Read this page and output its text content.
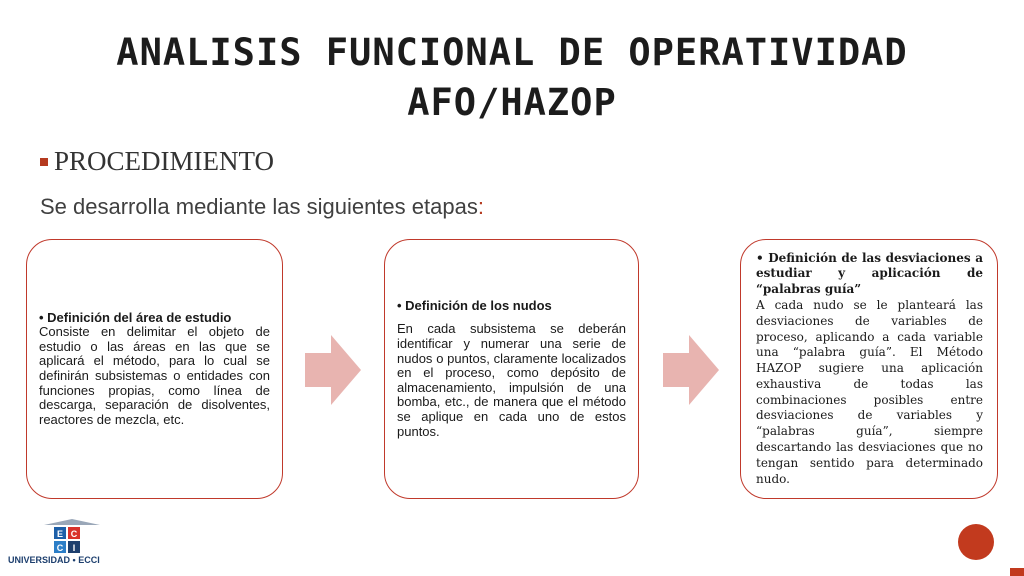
ANALISIS FUNCIONAL DE OPERATIVIDAD
AFO/HAZOP
PROCEDIMIENTO
Se desarrolla mediante las siguientes etapas:
• Definición del área de estudio
Consiste en delimitar el objeto de estudio o las áreas en las que se aplicará el método, para lo cual se definirán subsistemas o entidades con funciones propias, como línea de descarga, separación de disolventes, reactores de mezcla, etc.
• Definición de los nudos
En cada subsistema se deberán identificar y numerar una serie de nudos o puntos, claramente localizados en el proceso, como depósito de almacenamiento, impulsión de una bomba, etc., de manera que el método se aplique en cada uno de estos puntos.
• Definición de las desviaciones a estudiar y aplicación de “palabras guía”
A cada nudo se le planteará las desviaciones de variables de proceso, aplicando a cada variable una “palabra guía”. El Método HAZOP sugiere una aplicación exhaustiva de todas las combinaciones posibles entre desviaciones de variables y “palabras guía”, siempre descartando las desviaciones que no tengan sentido para determinado nudo.
E C
C I
UNIVERSIDAD • ECCI
